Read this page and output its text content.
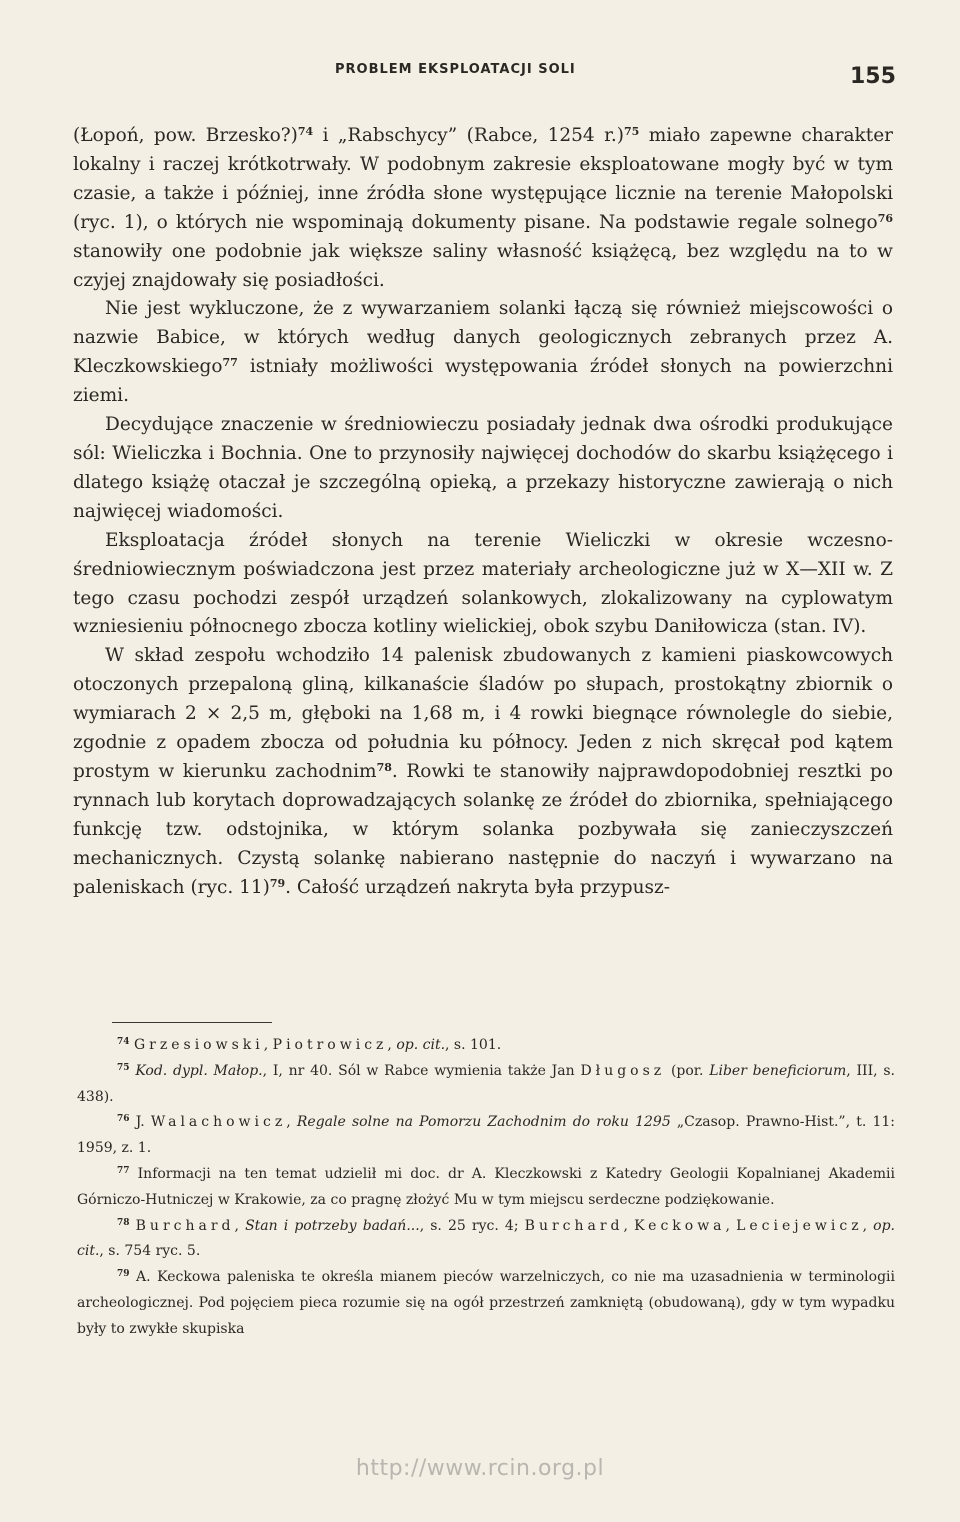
PROBLEM EKSPLOATACJI SOLI	155

(Łopoń, pow. Brzesko?)$^{74}$ i „Rabschycy” (Rabce, 1254 r.)$^{75}$ miało zapewne charakter lokalny i raczej krótkotrwały. W podobnym zakresie eksploatowane mogły być w tym czasie, a także i później, inne źródła słone występujące licznie na terenie Małopolski (ryc. 1), o których nie wspominają dokumenty pisane. Na podstawie regale solnego$^{76}$ stanowiły one podobnie jak większe saliny własność książęcą, bez względu na to w czyjej znajdowały się posiadłości.

Nie jest wykluczone, że z wywarzaniem solanki łączą się również miejscowości o nazwie Babice, w których według danych geologicznych zebranych przez A. Kleczkowskiego$^{77}$ istniały możliwości występowania źródeł słonych na powierzchni ziemi.

Decydujące znaczenie w średniowieczu posiadały jednak dwa ośrodki produkujące sól: Wieliczka i Bochnia. One to przynosiły najwięcej dochodów do skarbu książęcego i dlatego książę otaczał je szczególną opieką, a przekazy historyczne zawierają o nich najwięcej wiadomości.

Eksploatacja źródeł słonych na terenie Wieliczki w okresie wczesnośredniowiecznym poświadczona jest przez materiały archeologiczne już w X—XII w. Z tego czasu pochodzi zespół urządzeń solankowych, zlokalizowany na cyplowatym wzniesieniu północnego zbocza kotliny wielickiej, obok szybu Daniłowicza (stan. IV).

W skład zespołu wchodziło 14 palenisk zbudowanych z kamieni piaskowcowych otoczonych przepaloną gliną, kilkanaście śladów po słupach, prostokątny zbiornik o wymiarach 2 × 2,5 m, głęboki na 1,68 m, i 4 rowki biegnące równolegle do siebie, zgodnie z opadem zbocza od południa ku północy. Jeden z nich skręcał pod kątem prostym w kierunku zachodnim$^{78}$. Rowki te stanowiły najprawdopodobniej resztki po rynnach lub korytach doprowadzających solankę ze źródeł do zbiornika, spełniającego funkcję tzw. odstojnika, w którym solanka pozbywała się zanieczyszczeń mechanicznych. Czystą solankę nabierano następnie do naczyń i wywarzano na paleniskach (ryc. 11)$^{79}$. Całość urządzeń nakryta była przypusz-

$^{74}$ Grzesiowski, Piotrowicz, op. cit., s. 101.

$^{75}$ Kod. dypl. Małop., I, nr 40. Sól w Rabce wymienia także Jan Długosz (por. Liber beneficiorum, III, s. 438).

$^{76}$ J. Walachowicz, Regale solne na Pomorzu Zachodnim do roku 1295 „Czasop. Prawno-Hist.”, t. 11: 1959, z. 1.

$^{77}$ Informacji na ten temat udzielił mi doc. dr A. Kleczkowski z Katedry Geologii Kopalnianej Akademii Górniczo-Hutniczej w Krakowie, za co pragnę złożyć Mu w tym miejscu serdeczne podziękowanie.

$^{78}$ Burchard, Stan i potrzeby badań..., s. 25 ryc. 4; Burchard, Keckowa, Leciejewicz, op. cit., s. 754 ryc. 5.

$^{79}$ A. Keckowa paleniska te określa mianem pieców warzelniczych, co nie ma uzasadnienia w terminologii archeologicznej. Pod pojęciem pieca rozumie się na ogół przestrzeń zamkniętą (obudowaną), gdy w tym wypadku były to zwykłe skupiska

http://www.rcin.org.pl
